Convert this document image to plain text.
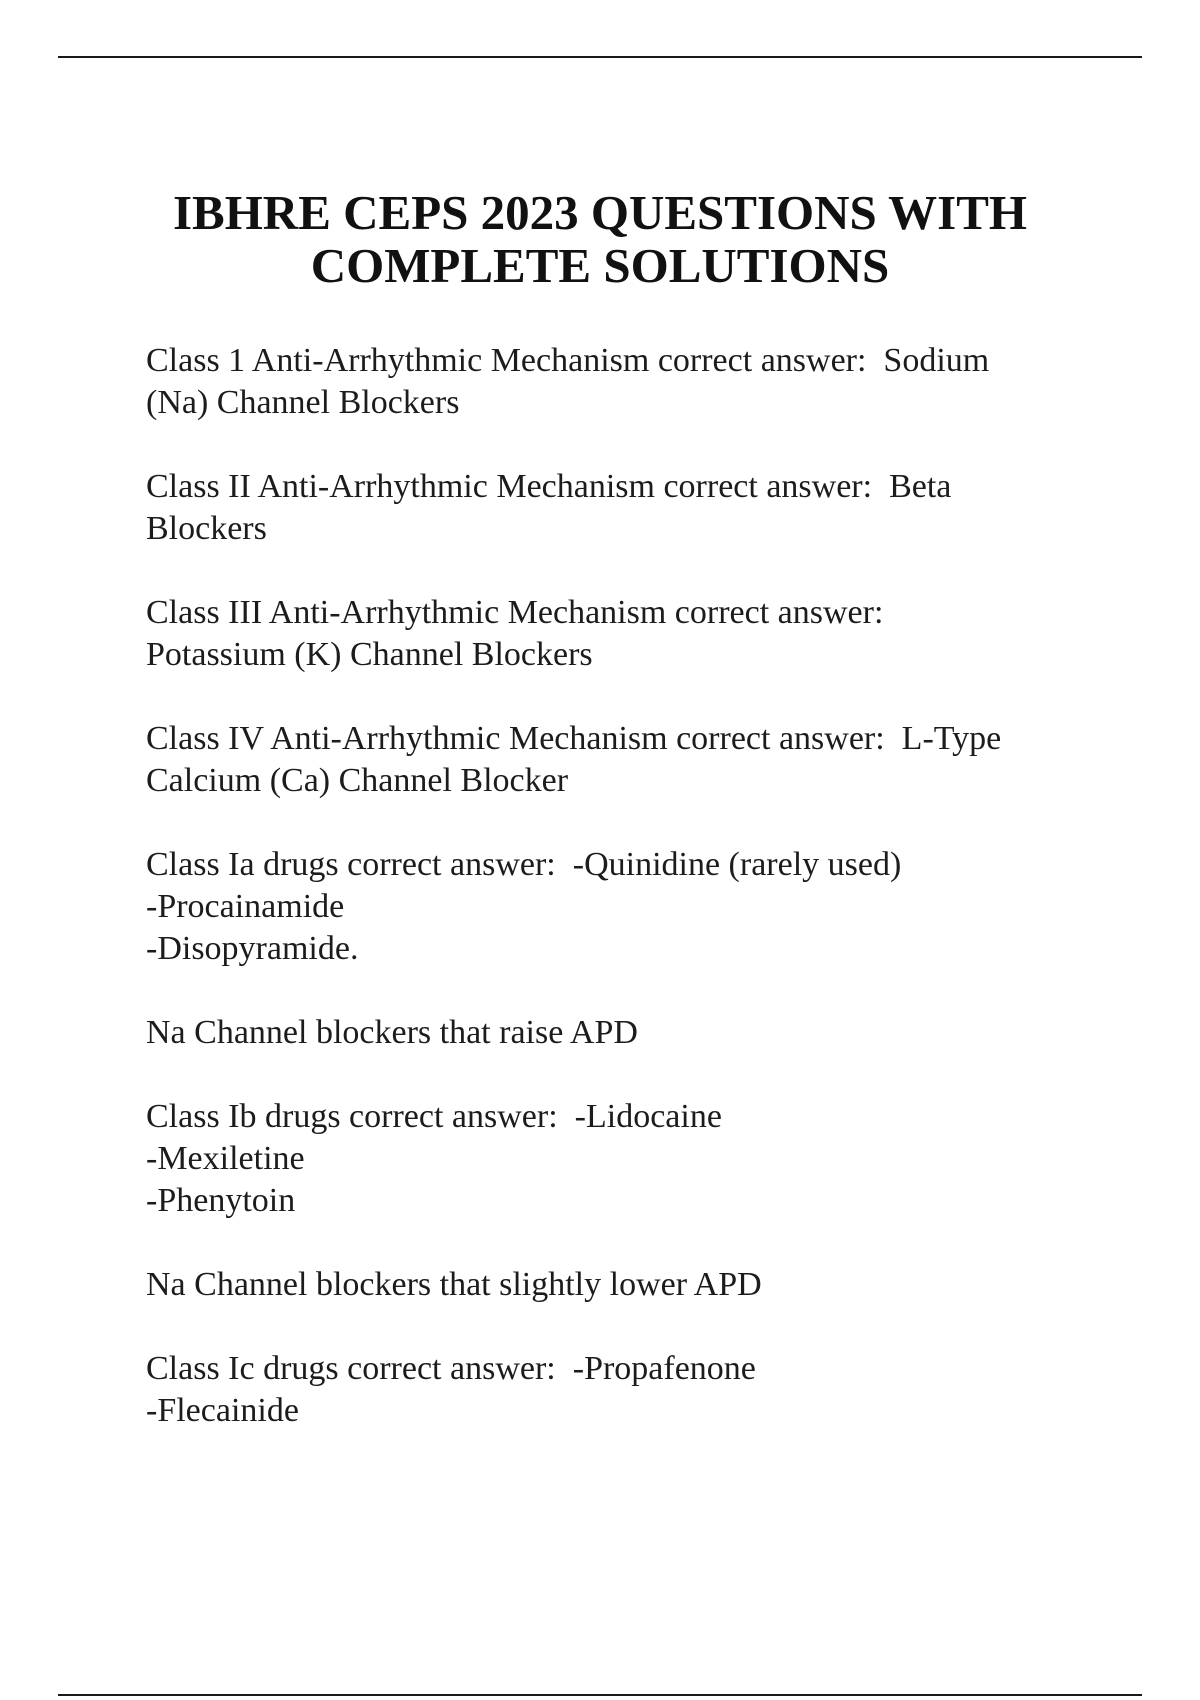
IBHRE CEPS 2023 QUESTIONS WITH
COMPLETE SOLUTIONS

Class 1 Anti-Arrhythmic Mechanism correct answer:  Sodium
(Na) Channel Blockers

Class II Anti-Arrhythmic Mechanism correct answer:  Beta
Blockers

Class III Anti-Arrhythmic Mechanism correct answer:
Potassium (K) Channel Blockers

Class IV Anti-Arrhythmic Mechanism correct answer:  L-Type
Calcium (Ca) Channel Blocker

Class Ia drugs correct answer:  -Quinidine (rarely used)
-Procainamide
-Disopyramide.

Na Channel blockers that raise APD

Class Ib drugs correct answer:  -Lidocaine
-Mexiletine
-Phenytoin

Na Channel blockers that slightly lower APD

Class Ic drugs correct answer:  -Propafenone
-Flecainide
